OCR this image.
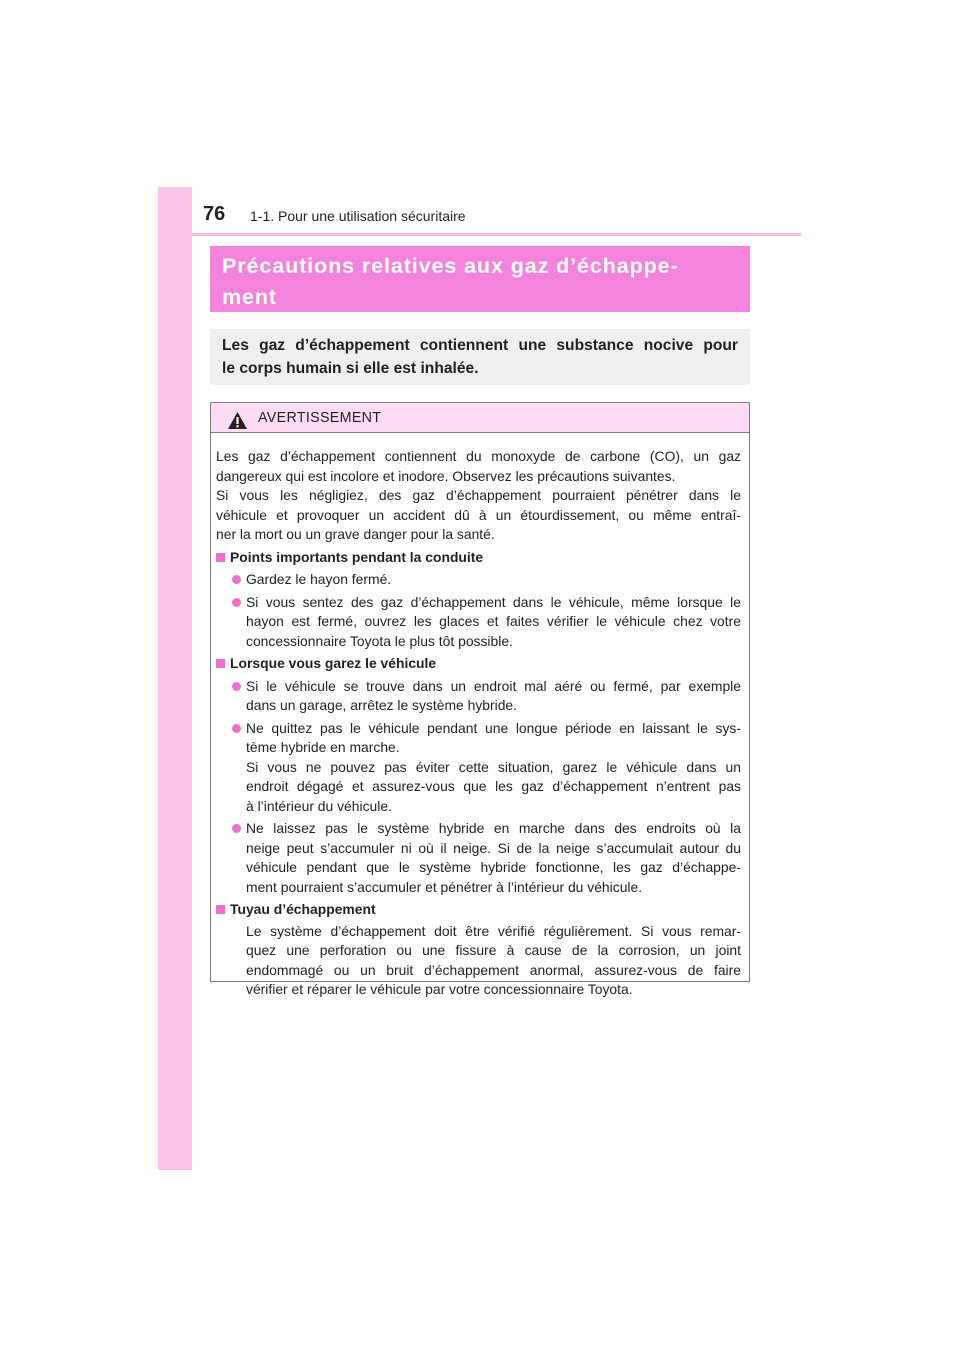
76 1-1. Pour une utilisation sécuritaire
Précautions relatives aux gaz d’échappe-
ment
Les gaz d’échappement contiennent une substance nocive pour
le corps humain si elle est inhalée.
AVERTISSEMENT

Les gaz d’échappement contiennent du monoxyde de carbone (CO), un gaz
dangereux qui est incolore et inodore. Observez les précautions suivantes.
Si vous les négligiez, des gaz d’échappement pourraient pénétrer dans le
véhicule et provoquer un accident dû à un étourdissement, ou même entraî-
ner la mort ou un grave danger pour la santé.

Points importants pendant la conduite
Gardez le hayon fermé.
Si vous sentez des gaz d’échappement dans le véhicule, même lorsque le
hayon est fermé, ouvrez les glaces et faites vérifier le véhicule chez votre
concessionnaire Toyota le plus tôt possible.
Lorsque vous garez le véhicule
Si le véhicule se trouve dans un endroit mal aéré ou fermé, par exemple
dans un garage, arrêtez le système hybride.
Ne quittez pas le véhicule pendant une longue période en laissant le sys-
tème hybride en marche.
Si vous ne pouvez pas éviter cette situation, garez le véhicule dans un
endroit dégagé et assurez-vous que les gaz d’échappement n’entrent pas
à l’intérieur du véhicule.
Ne laissez pas le système hybride en marche dans des endroits où la
neige peut s’accumuler ni où il neige. Si de la neige s’accumulait autour du
véhicule pendant que le système hybride fonctionne, les gaz d’échappe-
ment pourraient s’accumuler et pénétrer à l’intérieur du véhicule.
Tuyau d’échappement
Le système d’échappement doit être vérifié régulièrement. Si vous remar-
quez une perforation ou une fissure à cause de la corrosion, un joint
endommagé ou un bruit d’échappement anormal, assurez-vous de faire
vérifier et réparer le véhicule par votre concessionnaire Toyota.
